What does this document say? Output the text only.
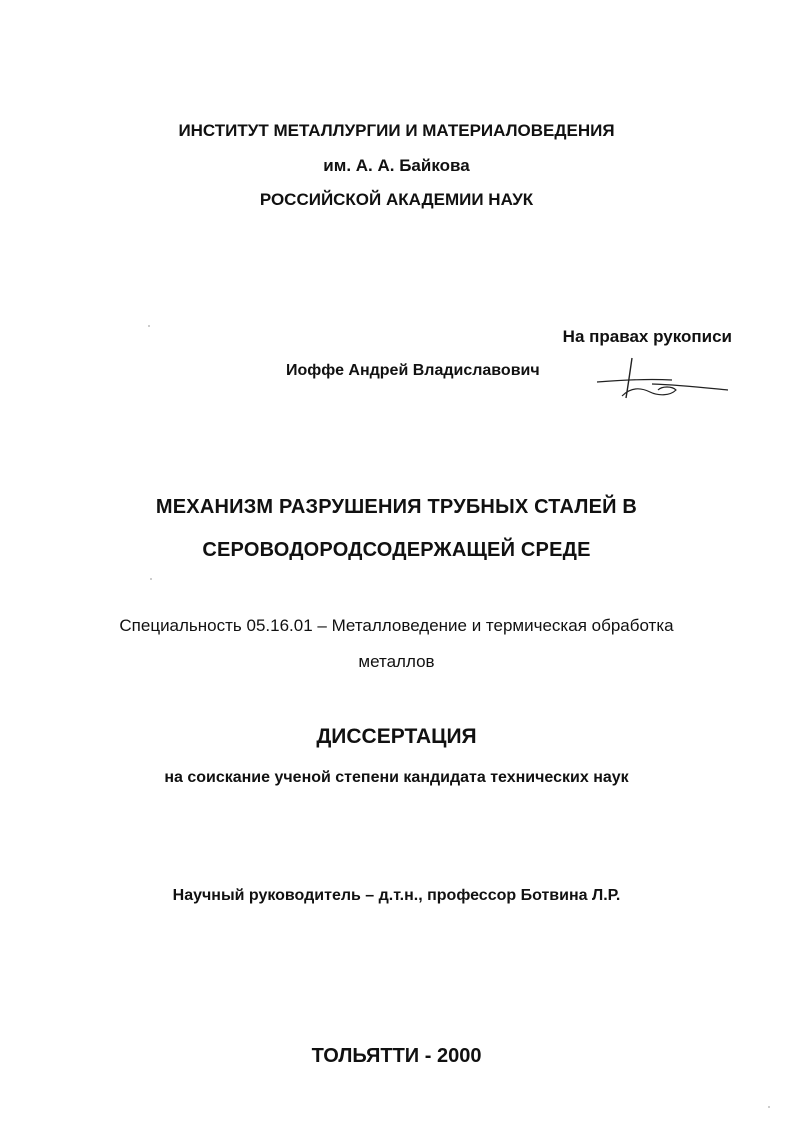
ИНСТИТУТ МЕТАЛЛУРГИИ И МАТЕРИАЛОВЕДЕНИЯ
им. А. А. Байкова
РОССИЙСКОЙ АКАДЕМИИ НАУК
На правах рукописи
Иоффе Андрей Владиславович
МЕХАНИЗМ РАЗРУШЕНИЯ ТРУБНЫХ СТАЛЕЙ В
СЕРОВОДОРОДСОДЕРЖАЩЕЙ СРЕДЕ
Специальность 05.16.01 – Металловедение и термическая обработка
металлов
ДИССЕРТАЦИЯ
на соискание ученой степени кандидата технических наук
Научный руководитель – д.т.н., профессор Ботвина Л.Р.
ТОЛЬЯТТИ - 2000
